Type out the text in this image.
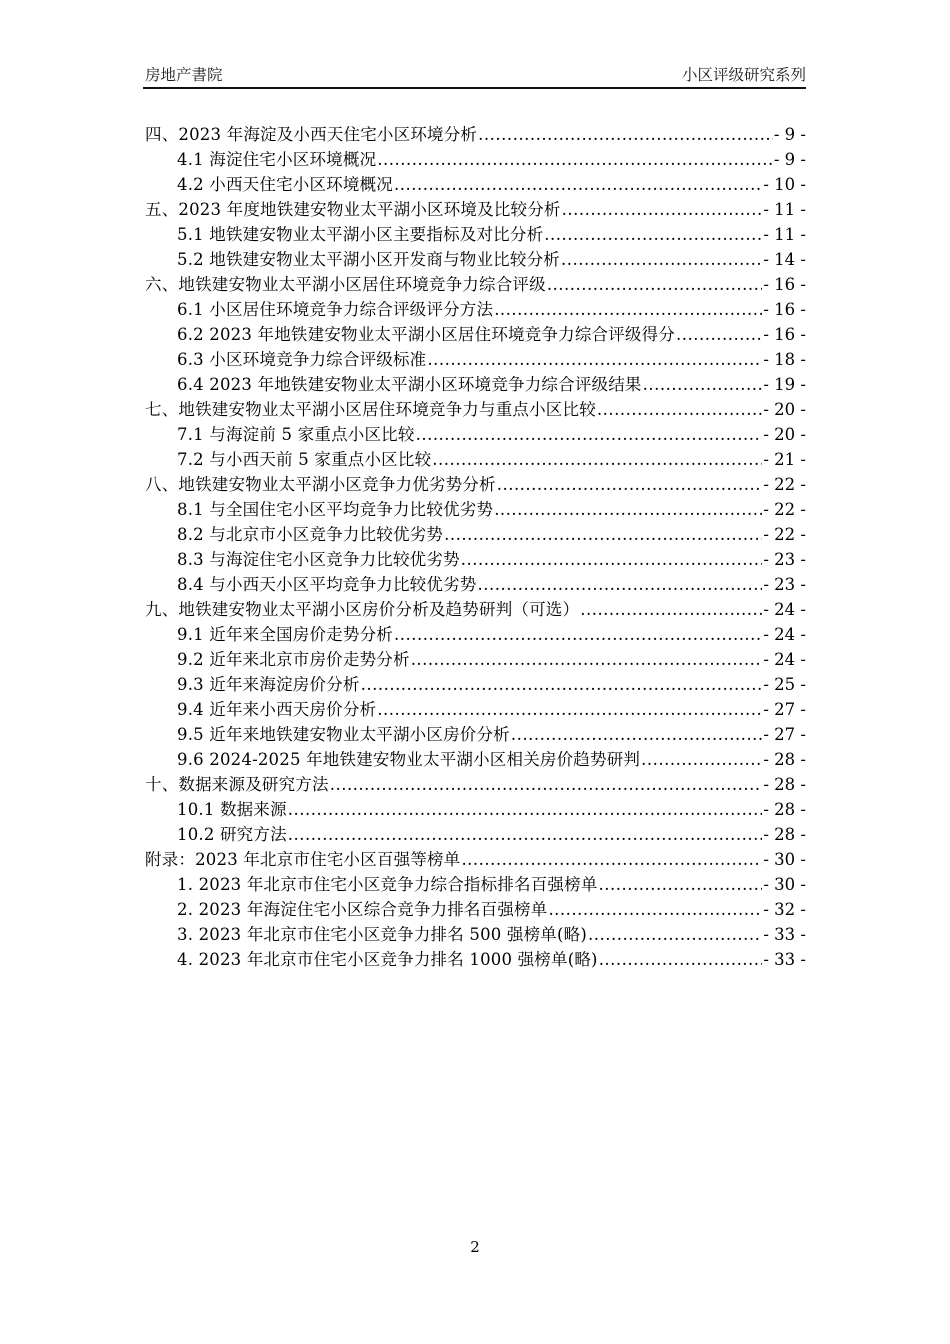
房地产書院	小区评级研究系列
四、2023 年海淀及小西天住宅小区环境分析 .....	- 9 -
4.1 海淀住宅小区环境概况 .....	- 9 -
4.2 小西天住宅小区环境概况 .....	- 10 -
五、2023 年度地铁建安物业太平湖小区环境及比较分析 .....	- 11 -
5.1 地铁建安物业太平湖小区主要指标及对比分析 .....	- 11 -
5.2 地铁建安物业太平湖小区开发商与物业比较分析 .....	- 14 -
六、地铁建安物业太平湖小区居住环境竞争力综合评级 .....	- 16 -
6.1 小区居住环境竞争力综合评级评分方法 .....	- 16 -
6.2 2023 年地铁建安物业太平湖小区居住环境竞争力综合评级得分 .....	- 16 -
6.3 小区环境竞争力综合评级标准 .....	- 18 -
6.4 2023 年地铁建安物业太平湖小区环境竞争力综合评级结果 .....	- 19 -
七、地铁建安物业太平湖小区居住环境竞争力与重点小区比较 .....	- 20 -
7.1 与海淀前 5 家重点小区比较 .....	- 20 -
7.2 与小西天前 5 家重点小区比较 .....	- 21 -
八、地铁建安物业太平湖小区竞争力优劣势分析 .....	- 22 -
8.1 与全国住宅小区平均竞争力比较优劣势 .....	- 22 -
8.2 与北京市小区竞争力比较优劣势 .....	- 22 -
8.3 与海淀住宅小区竞争力比较优劣势 .....	- 23 -
8.4 与小西天小区平均竞争力比较优劣势 .....	- 23 -
九、地铁建安物业太平湖小区房价分析及趋势研判（可选） .....	- 24 -
9.1 近年来全国房价走势分析 .....	- 24 -
9.2 近年来北京市房价走势分析 .....	- 24 -
9.3 近年来海淀房价分析 .....	- 25 -
9.4 近年来小西天房价分析 .....	- 27 -
9.5 近年来地铁建安物业太平湖小区房价分析 .....	- 27 -
9.6 2024-2025 年地铁建安物业太平湖小区相关房价趋势研判 .....	- 28 -
十、数据来源及研究方法 .....	- 28 -
10.1 数据来源 .....	- 28 -
10.2 研究方法 .....	- 28 -
附录：2023 年北京市住宅小区百强等榜单 .....	- 30 -
1. 2023 年北京市住宅小区竞争力综合指标排名百强榜单 .....	- 30 -
2. 2023 年海淀住宅小区综合竞争力排名百强榜单 .....	- 32 -
3. 2023 年北京市住宅小区竞争力排名 500 强榜单(略) .....	- 33 -
4. 2023 年北京市住宅小区竞争力排名 1000 强榜单(略) .....	- 33 -
2
